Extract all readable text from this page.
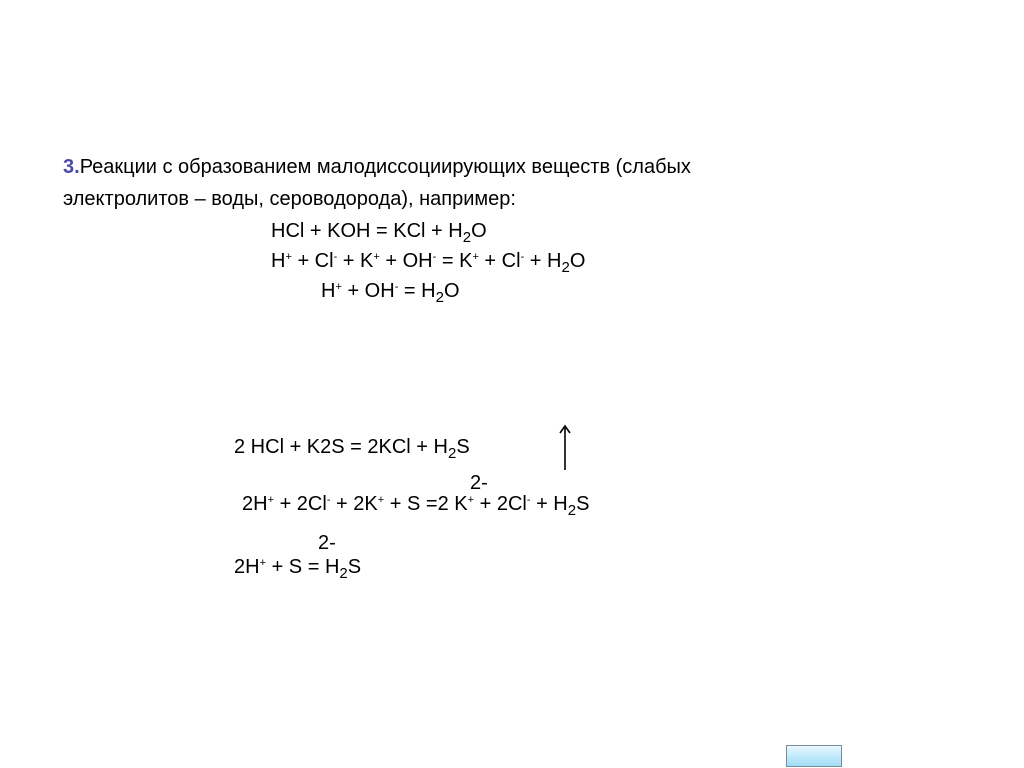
3.Реакции с образованием малодиссоциирующих веществ (слабых
электролитов – воды, сероводорода), например:
HCl + KOH = KCl + $H_2O$
$H^+ + Cl^- + K^+ + OH^- = K^+ + Cl^- + H_2O$
$H^+ + OH^- = H_2O$
2 HCl + $K2S = 2KCl + H_2S$
2-
2H+ + 2Cl- + 2K+ + S =2 $K^+ + 2Cl^- + H_2S$
2-
$2H^+ + S = H_2S$
